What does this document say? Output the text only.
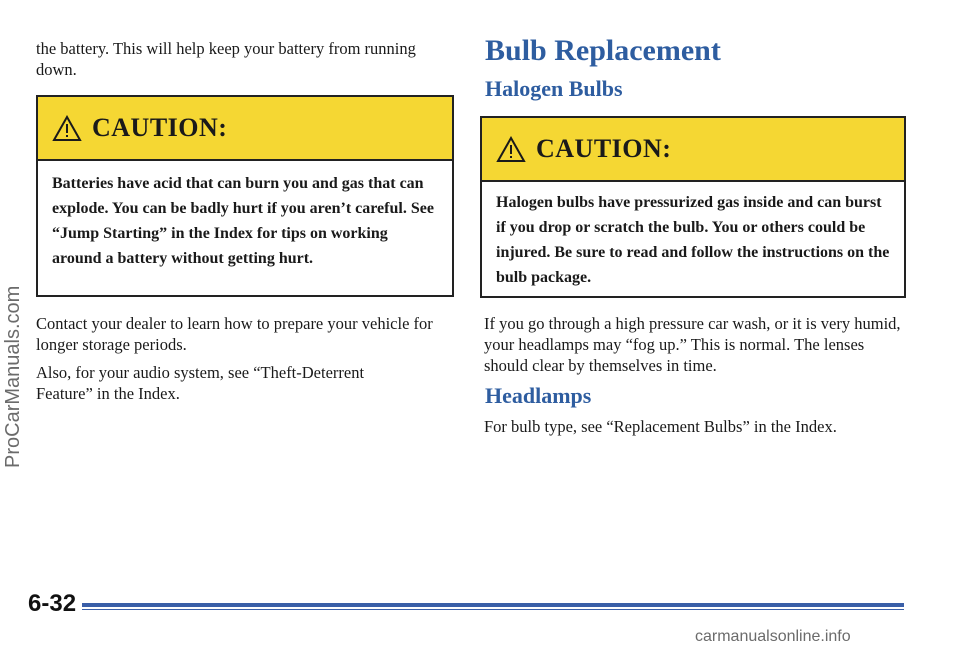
the battery. This will help keep your battery from running down.

CAUTION:
Batteries have acid that can burn you and gas that can explode. You can be badly hurt if you aren’t careful. See “Jump Starting” in the Index for tips on working around a battery without getting hurt.

Contact your dealer to learn how to prepare your vehicle for longer storage periods.

Also, for your audio system, see “Theft-Deterrent Feature” in the Index.

Bulb Replacement
Halogen Bulbs
CAUTION:
Halogen bulbs have pressurized gas inside and can burst if you drop or scratch the bulb. You or others could be injured. Be sure to read and follow the instructions on the bulb package.

If you go through a high pressure car wash, or it is very humid, your headlamps may “fog up.” This is normal. The lenses should clear by themselves in time.

Headlamps

For bulb type, see “Replacement Bulbs” in the Index.

6-32
ProCarManuals.com
carmanualsonline.info
